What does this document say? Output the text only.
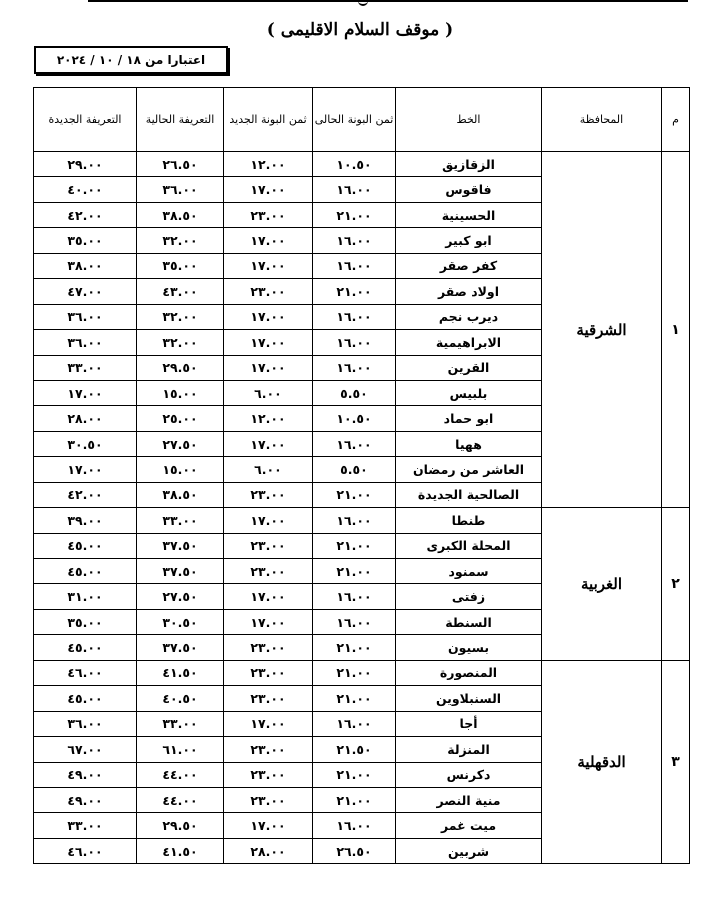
( موقف السلام الاقليمى )
اعتبارا من ١٨ / ١٠ / ٢٠٢٤
م	المحافظة	الخط	ثمن البونة الحالى	ثمن البونة الجديد	التعريفة الحالية	التعريفة الجديدة
١	الشرقية	الزقازيق	١٠.٥٠	١٢.٠٠	٢٦.٥٠	٢٩.٠٠
		فاقوس	١٦.٠٠	١٧.٠٠	٣٦.٠٠	٤٠.٠٠
		الحسينية	٢١.٠٠	٢٣.٠٠	٣٨.٥٠	٤٢.٠٠
		ابو كبير	١٦.٠٠	١٧.٠٠	٣٢.٠٠	٣٥.٠٠
		كفر صقر	١٦.٠٠	١٧.٠٠	٣٥.٠٠	٣٨.٠٠
		اولاد صقر	٢١.٠٠	٢٣.٠٠	٤٣.٠٠	٤٧.٠٠
		ديرب نجم	١٦.٠٠	١٧.٠٠	٣٢.٠٠	٣٦.٠٠
		الابراهيمية	١٦.٠٠	١٧.٠٠	٣٢.٠٠	٣٦.٠٠
		القرين	١٦.٠٠	١٧.٠٠	٢٩.٥٠	٣٣.٠٠
		بلبيس	٥.٥٠	٦.٠٠	١٥.٠٠	١٧.٠٠
		ابو حماد	١٠.٥٠	١٢.٠٠	٢٥.٠٠	٢٨.٠٠
		ههيا	١٦.٠٠	١٧.٠٠	٢٧.٥٠	٣٠.٥٠
		العاشر من رمضان	٥.٥٠	٦.٠٠	١٥.٠٠	١٧.٠٠
		الصالحية الجديدة	٢١.٠٠	٢٣.٠٠	٣٨.٥٠	٤٢.٠٠
٢	الغربية	طنطا	١٦.٠٠	١٧.٠٠	٣٣.٠٠	٣٩.٠٠
		المحلة الكبرى	٢١.٠٠	٢٣.٠٠	٣٧.٥٠	٤٥.٠٠
		سمنود	٢١.٠٠	٢٣.٠٠	٣٧.٥٠	٤٥.٠٠
		زفتى	١٦.٠٠	١٧.٠٠	٢٧.٥٠	٣١.٠٠
		السنطة	١٦.٠٠	١٧.٠٠	٣٠.٥٠	٣٥.٠٠
		بسيون	٢١.٠٠	٢٣.٠٠	٣٧.٥٠	٤٥.٠٠
٣	الدقهلية	المنصورة	٢١.٠٠	٢٣.٠٠	٤١.٥٠	٤٦.٠٠
		السنبلاوين	٢١.٠٠	٢٣.٠٠	٤٠.٥٠	٤٥.٠٠
		أجا	١٦.٠٠	١٧.٠٠	٣٣.٠٠	٣٦.٠٠
		المنزلة	٢١.٥٠	٢٣.٠٠	٦١.٠٠	٦٧.٠٠
		دكرنس	٢١.٠٠	٢٣.٠٠	٤٤.٠٠	٤٩.٠٠
		منية النصر	٢١.٠٠	٢٣.٠٠	٤٤.٠٠	٤٩.٠٠
		ميت غمر	١٦.٠٠	١٧.٠٠	٢٩.٥٠	٣٣.٠٠
		شربين	٢٦.٥٠	٢٨.٠٠	٤١.٥٠	٤٦.٠٠
